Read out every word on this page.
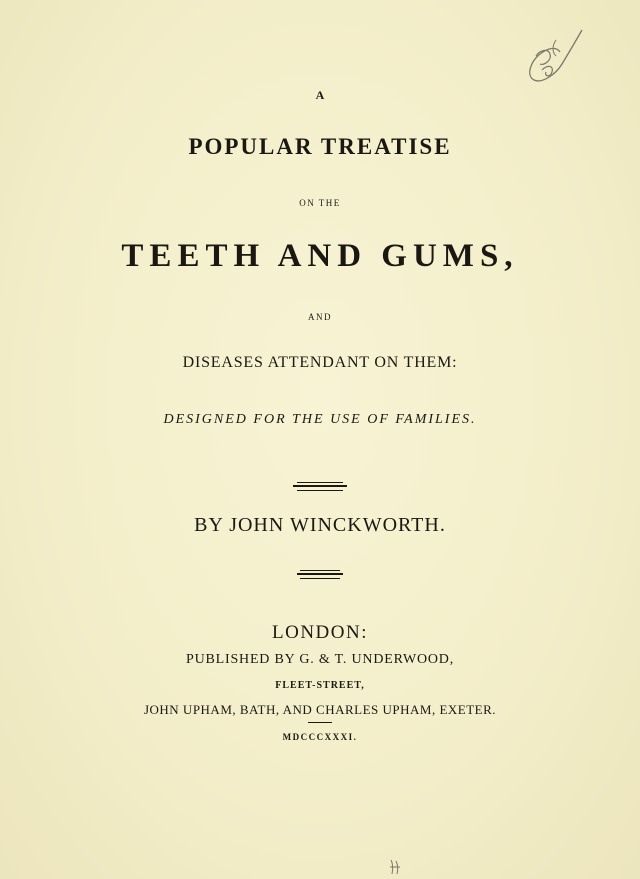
A
POPULAR TREATISE
ON THE
TEETH AND GUMS,
AND
DISEASES ATTENDANT ON THEM:
DESIGNED FOR THE USE OF FAMILIES.
BY JOHN WINCKWORTH.
LONDON:
PUBLISHED BY G. & T. UNDERWOOD,
FLEET-STREET,
JOHN UPHAM, BATH, AND CHARLES UPHAM, EXETER.
MDCCCXXXI.
